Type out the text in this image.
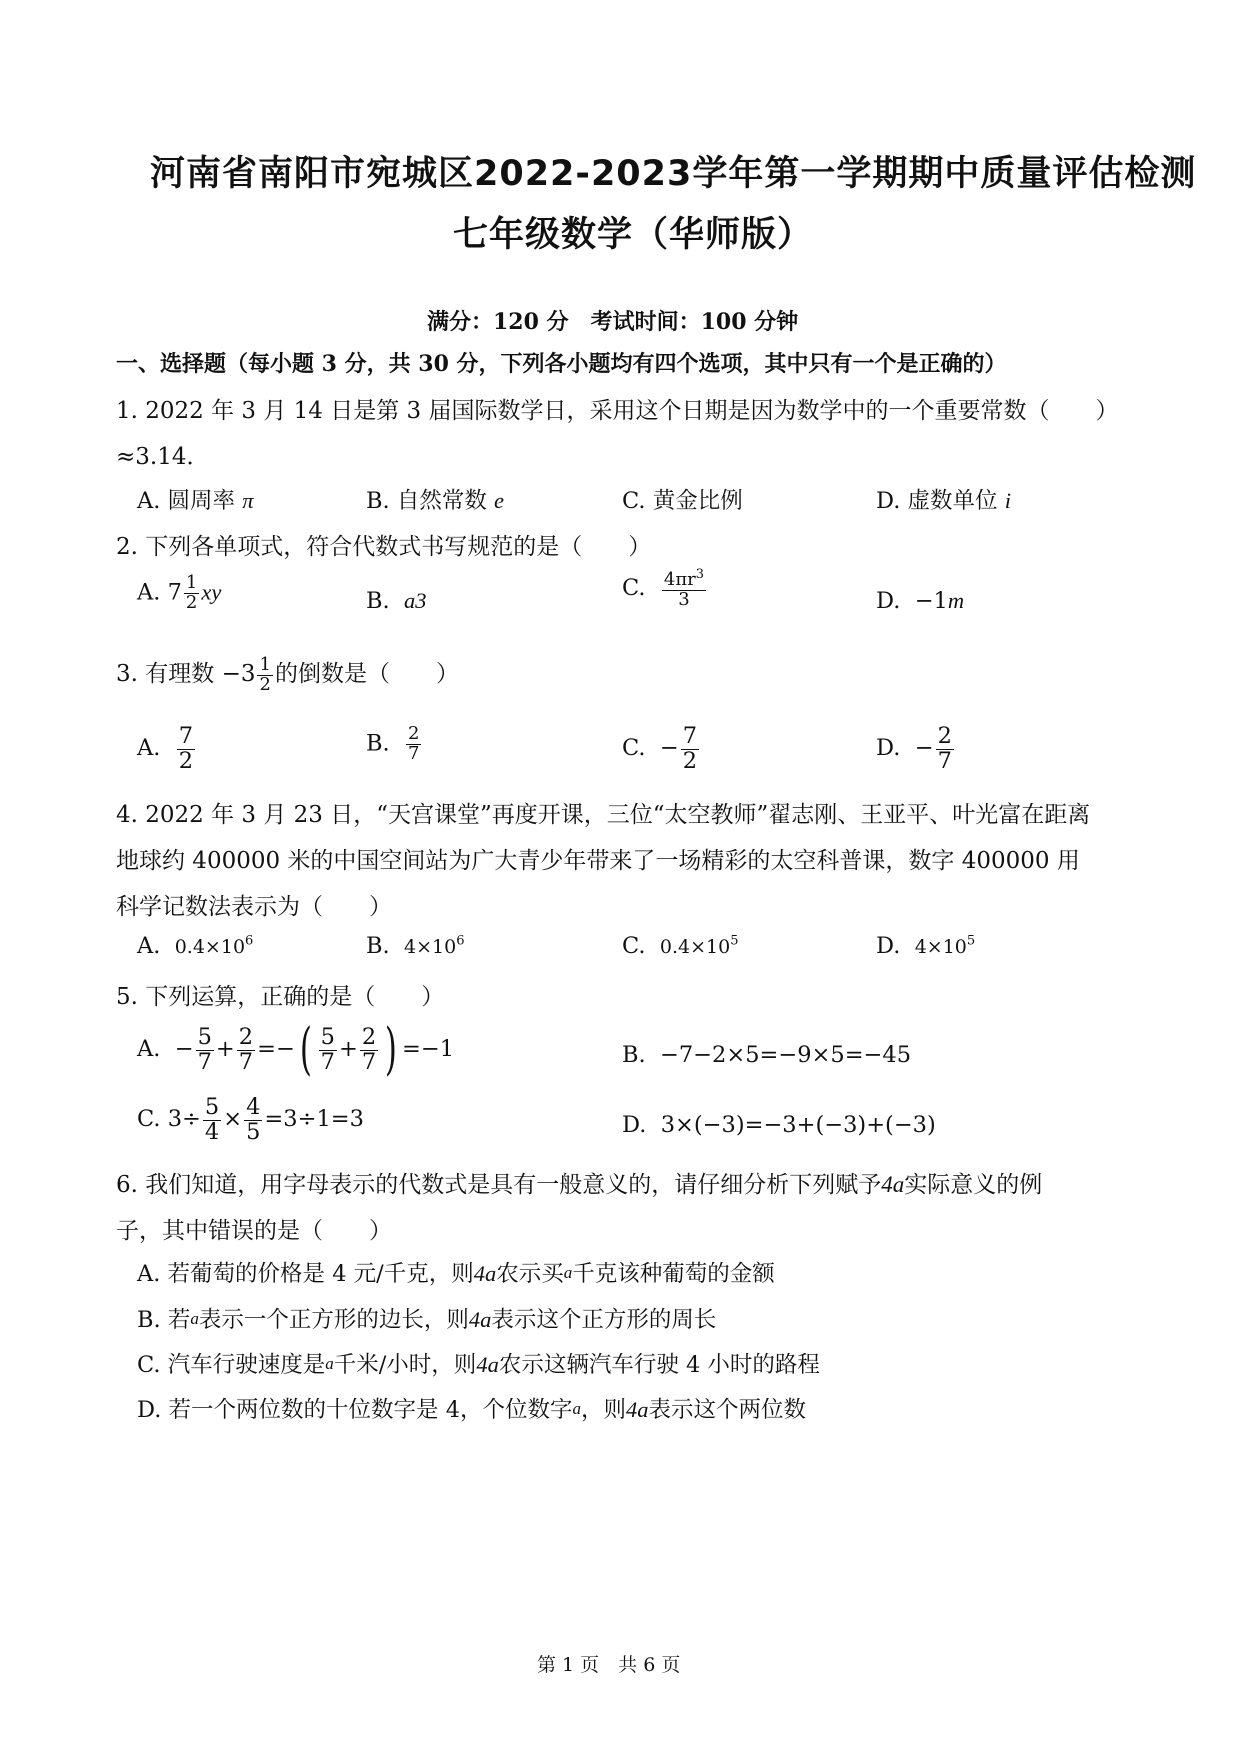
河南省南阳市宛城区2022-2023学年第一学期期中质量评估检测
七年级数学（华师版）
满分：120 分　考试时间：100 分钟
一、选择题（每小题 3 分，共 30 分，下列各小题均有四个选项，其中只有一个是正确的）
1. 2022 年 3 月 14 日是第 3 届国际数学日，采用这个日期是因为数学中的一个重要常数（　　）
≈3.14．
A. 圆周率 π	B. 自然常数 e	C. 黄金比例	D. 虚数单位 i
2. 下列各单项式，符合代数式书写规范的是（　　）
A. $7 \frac{1}{2}$ xy	B. a3	C. $\frac{4\pi r^3}{3}$	D. −1m
3. 有理数 $-3 \frac{1}{2}$ 的倒数是（　　）
A. $\frac{7}{2}$	B. $\frac{2}{7}$	C. − $\frac{7}{2}$	D. − $\frac{2}{7}$
4. 2022 年 3 月 23 日，“天宫课堂”再度开课，三位“太空教师”翟志刚、王亚平、叶光富在距离
地球约 400000 米的中国空间站为广大青少年带来了一场精彩的太空科普课，数字 400000 用
科学记数法表示为（　　）
A. $0.4\times 10^6$	B. $4\times 10^6$	C. $0.4\times 10^5$	D. $4\times 10^5$
5. 下列运算，正确的是（　　）
A. − $\frac{5}{7} + \frac{2}{7}$ =−( $\frac{5}{7} + \frac{2}{7}$ ) =−1	B. −7−2×5=−9×5=−45
C. $3\div \frac{5}{4} \times \frac{4}{5} =3\div 1=3$	D. 3×(−3)=−3+(−3)+(−3)
6. 我们知道，用字母表示的代数式是具有一般意义的，请仔细分析下列赋予4a实际意义的例
子，其中错误的是（　　）
A. 若葡萄的价格是 4 元/千克，则4a农示买a千克该种葡萄的金额
B. 若a表示一个正方形的边长，则4a表示这个正方形的周长
C. 汽车行驶速度是a千米/小时，则4a农示这辆汽车行驶 4 小时的路程
D. 若一个两位数的十位数字是 4，个位数字a，则4a表示这个两位数
第 1 页　共 6 页
